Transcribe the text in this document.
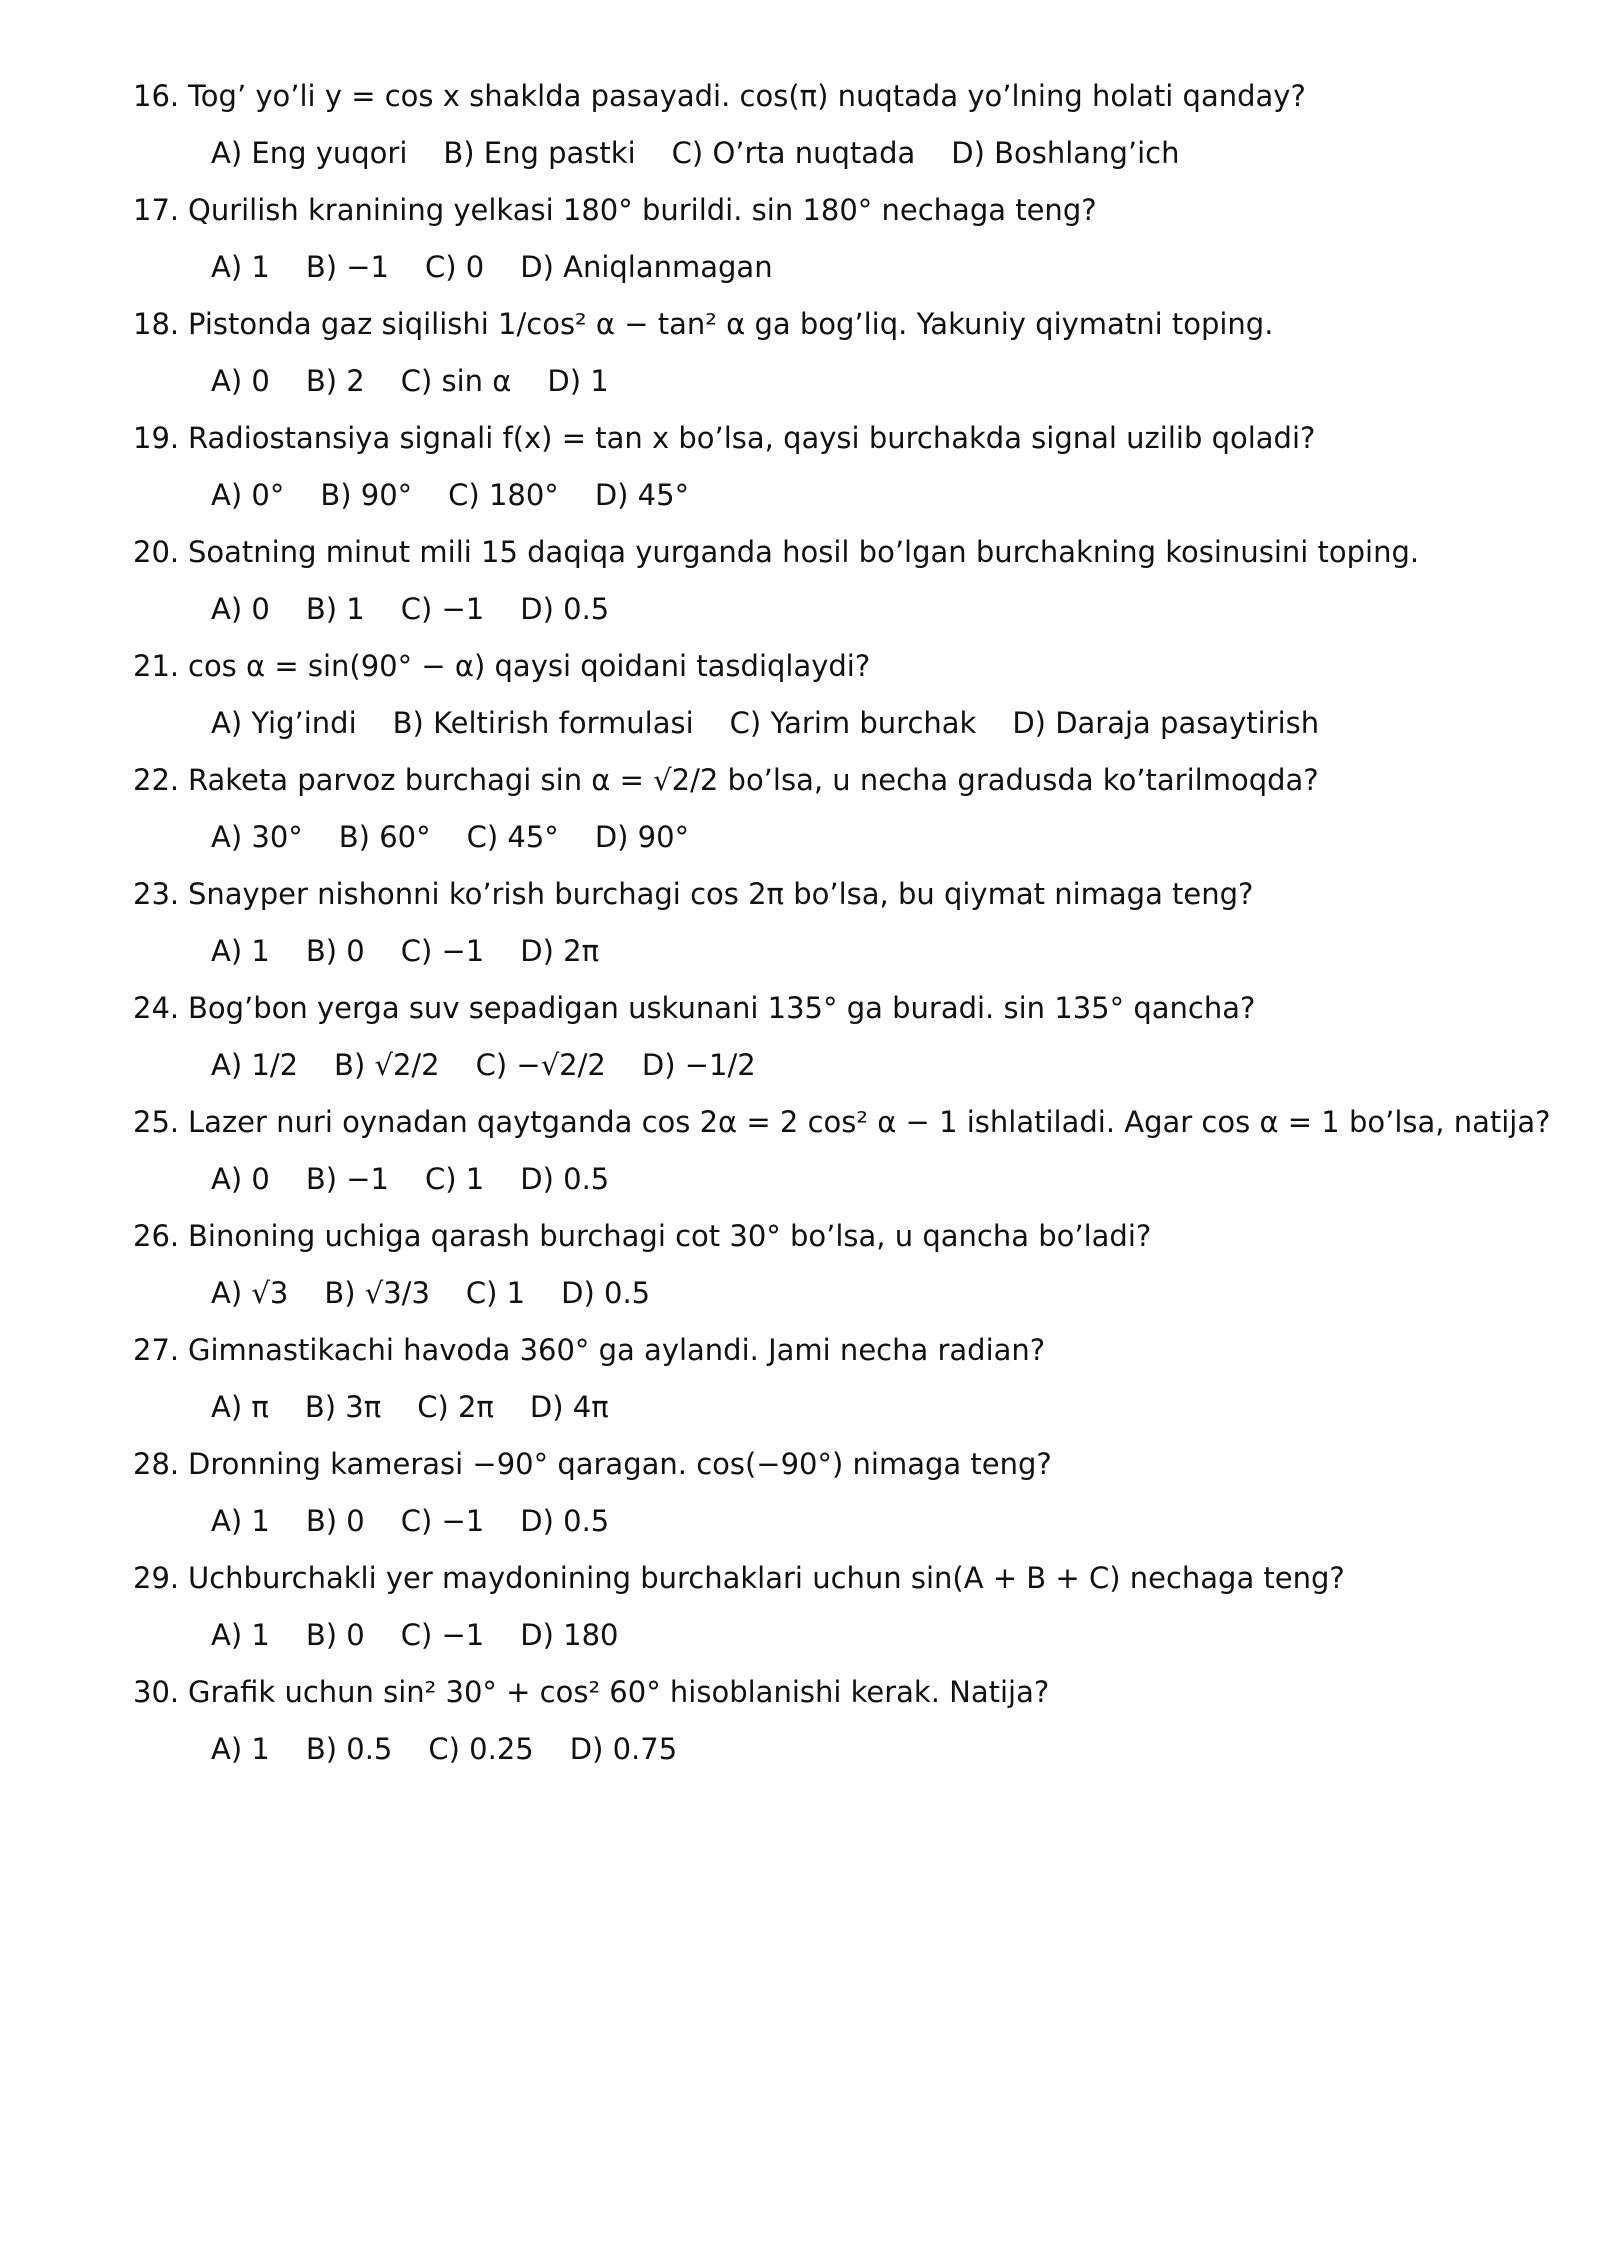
16. Tog’ yo’li y = cos x shaklda pasayadi. cos(π) nuqtada yo’lning holati qanday?
A) Eng yuqori B) Eng pastki C) O’rta nuqtada D) Boshlang’ich
17. Qurilish kranining yelkasi 180° burildi. sin 180° nechaga teng?
A) 1 B) −1 C) 0 D) Aniqlanmagan
18. Pistonda gaz siqilishi 1/cos² α − tan² α ga bog’liq. Yakuniy qiymatni toping.
A) 0 B) 2 C) sin α D) 1
19. Radiostansiya signali f(x) = tan x bo’lsa, qaysi burchakda signal uzilib qoladi?
A) 0° B) 90° C) 180° D) 45°
20. Soatning minut mili 15 daqiqa yurganda hosil bo’lgan burchakning kosinusini toping.
A) 0 B) 1 C) −1 D) 0.5
21. cos α = sin(90° − α) qaysi qoidani tasdiqlaydi?
A) Yig’indi B) Keltirish formulasi C) Yarim burchak D) Daraja pasaytirish
22. Raketa parvoz burchagi sin α = √2/2 bo’lsa, u necha gradusda ko’tarilmoqda?
A) 30° B) 60° C) 45° D) 90°
23. Snayper nishonni ko’rish burchagi cos 2π bo’lsa, bu qiymat nimaga teng?
A) 1 B) 0 C) −1 D) 2π
24. Bog’bon yerga suv sepadigan uskunani 135° ga buradi. sin 135° qancha?
A) 1/2 B) √2/2 C) −√2/2 D) −1/2
25. Lazer nuri oynadan qaytganda cos 2α = 2 cos² α − 1 ishlatiladi. Agar cos α = 1 bo’lsa, natija?
A) 0 B) −1 C) 1 D) 0.5
26. Binoning uchiga qarash burchagi cot 30° bo’lsa, u qancha bo’ladi?
A) √3 B) √3/3 C) 1 D) 0.5
27. Gimnastikachi havoda 360° ga aylandi. Jami necha radian?
A) π B) 3π C) 2π D) 4π
28. Dronning kamerasi −90° qaragan. cos(−90°) nimaga teng?
A) 1 B) 0 C) −1 D) 0.5
29. Uchburchakli yer maydonining burchaklari uchun sin(A + B + C) nechaga teng?
A) 1 B) 0 C) −1 D) 180
30. Grafik uchun sin² 30° + cos² 60° hisoblanishi kerak. Natija?
A) 1 B) 0.5 C) 0.25 D) 0.75
